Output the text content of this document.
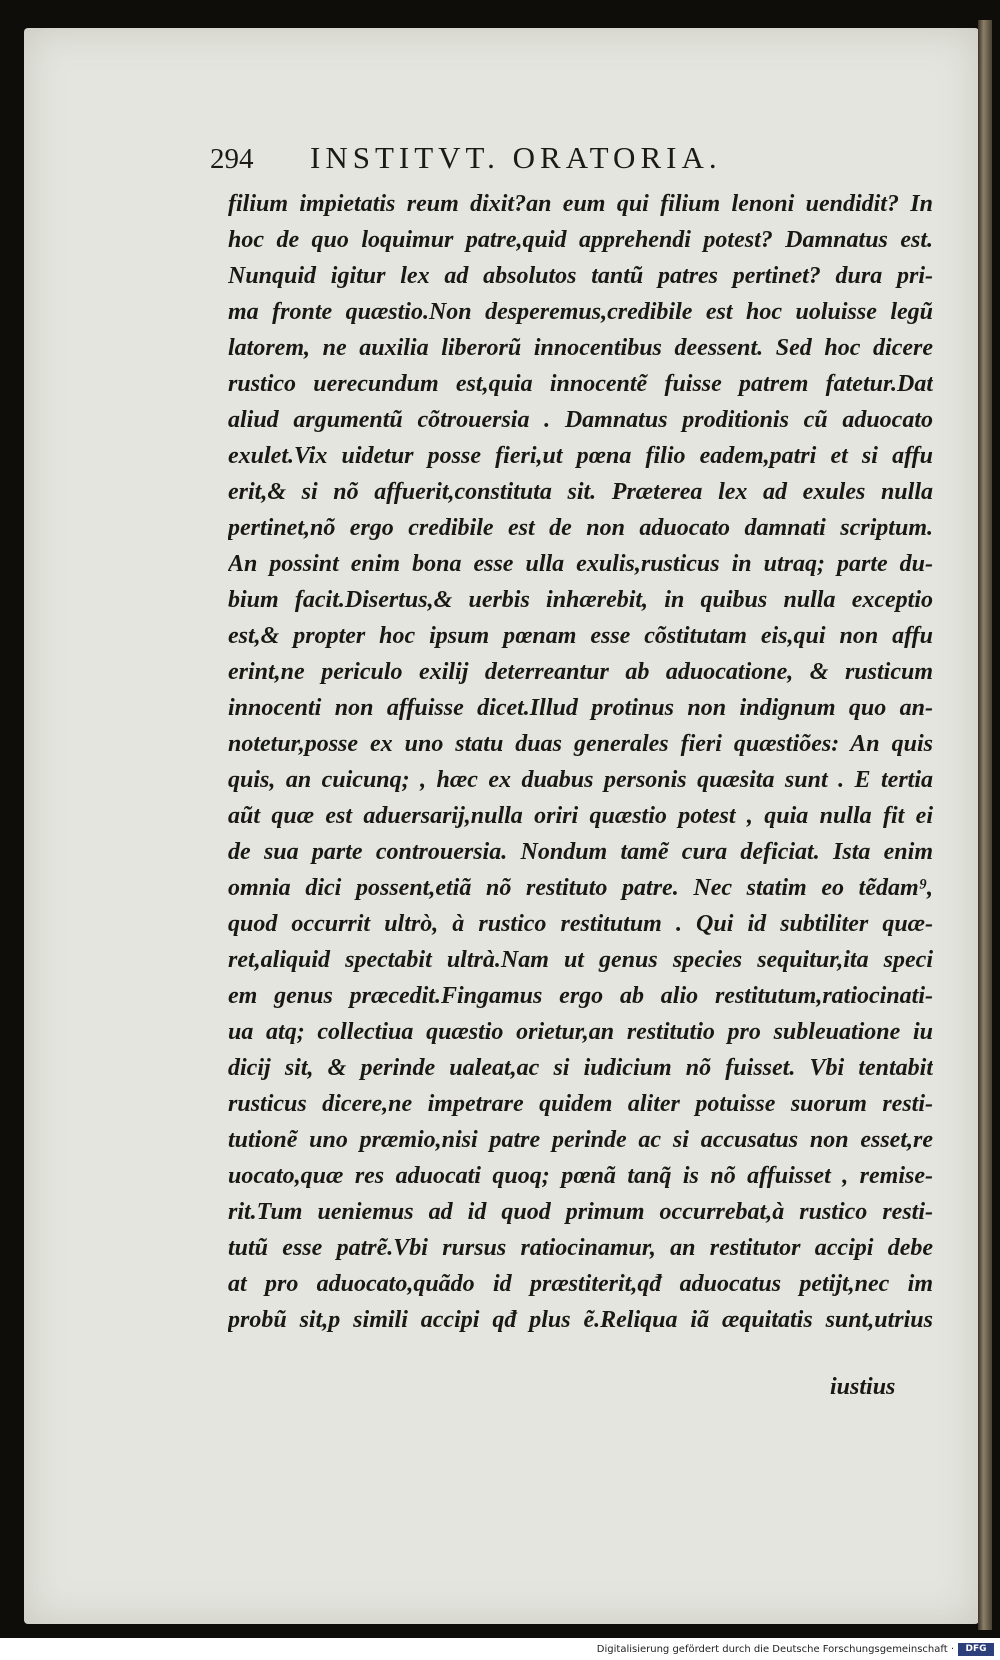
294	INSTITVT. ORATORIA.
filium impietatis reum dixit?an eum qui filium lenoni uendidit? In
hoc de quo loquimur patre,quid apprehendi potest? Damnatus est.
Nunquid igitur lex ad absolutos tantũ patres pertinet? dura pri-
ma fronte quæstio.Non desperemus,credibile est hoc uoluisse legũ
latorem, ne auxilia liberorũ innocentibus deessent. Sed hoc dicere
rustico uerecundum est,quia innocentẽ fuisse patrem fatetur.Dat
aliud argumentũ cõtrouersia . Damnatus proditionis cũ aduocato
exulet.Vix uidetur posse fieri,ut pœna filio eadem,patri et si affu
erit,& si nõ affuerit,constituta sit. Præterea lex ad exules nulla
pertinet,nõ ergo credibile est de non aduocato damnati scriptum.
An possint enim bona esse ulla exulis,rusticus in utraq; parte du-
bium facit.Disertus,& uerbis inhærebit, in quibus nulla exceptio
est,& propter hoc ipsum pœnam esse cõstitutam eis,qui non affu
erint,ne periculo exilij deterreantur ab aduocatione, & rusticum
innocenti non affuisse dicet.Illud protinus non indignum quo an-
notetur,posse ex uno statu duas generales fieri quæstiões: An quis
quis, an cuicunq; , hæc ex duabus personis quæsita sunt . E tertia
aũt quæ est aduersarij,nulla oriri quæstio potest , quia nulla fit ei
de sua parte controuersia. Nondum tamẽ cura deficiat. Ista enim
omnia dici possent,etiã nõ restituto patre. Nec statim eo tẽdam⁹,
quod occurrit ultrò, à rustico restitutum . Qui id subtiliter quæ-
ret,aliquid spectabit ultrà.Nam ut genus species sequitur,ita speci
em genus præcedit.Fingamus ergo ab alio restitutum,ratiocinati-
ua atq; collectiua quæstio orietur,an restitutio pro subleuatione iu
dicij sit, & perinde ualeat,ac si iudicium nõ fuisset. Vbi tentabit
rusticus dicere,ne impetrare quidem aliter potuisse suorum resti-
tutionẽ uno præmio,nisi patre perinde ac si accusatus non esset,re
uocato,quæ res aduocati quoq; pœnã tanq̃ is nõ affuisset , remise-
rit.Tum ueniemus ad id quod primum occurrebat,à rustico resti-
tutũ esse patrẽ.Vbi rursus ratiocinamur, an restitutor accipi debe
at pro aduocato,quãdo id præstiterit,qđ aduocatus petijt,nec im
probũ sit,p simili accipi qđ plus ẽ.Reliqua iã æquitatis sunt,utrius
iustius
Digitalisierung gefördert durch die Deutsche Forschungsgemeinschaft ·	DFG
